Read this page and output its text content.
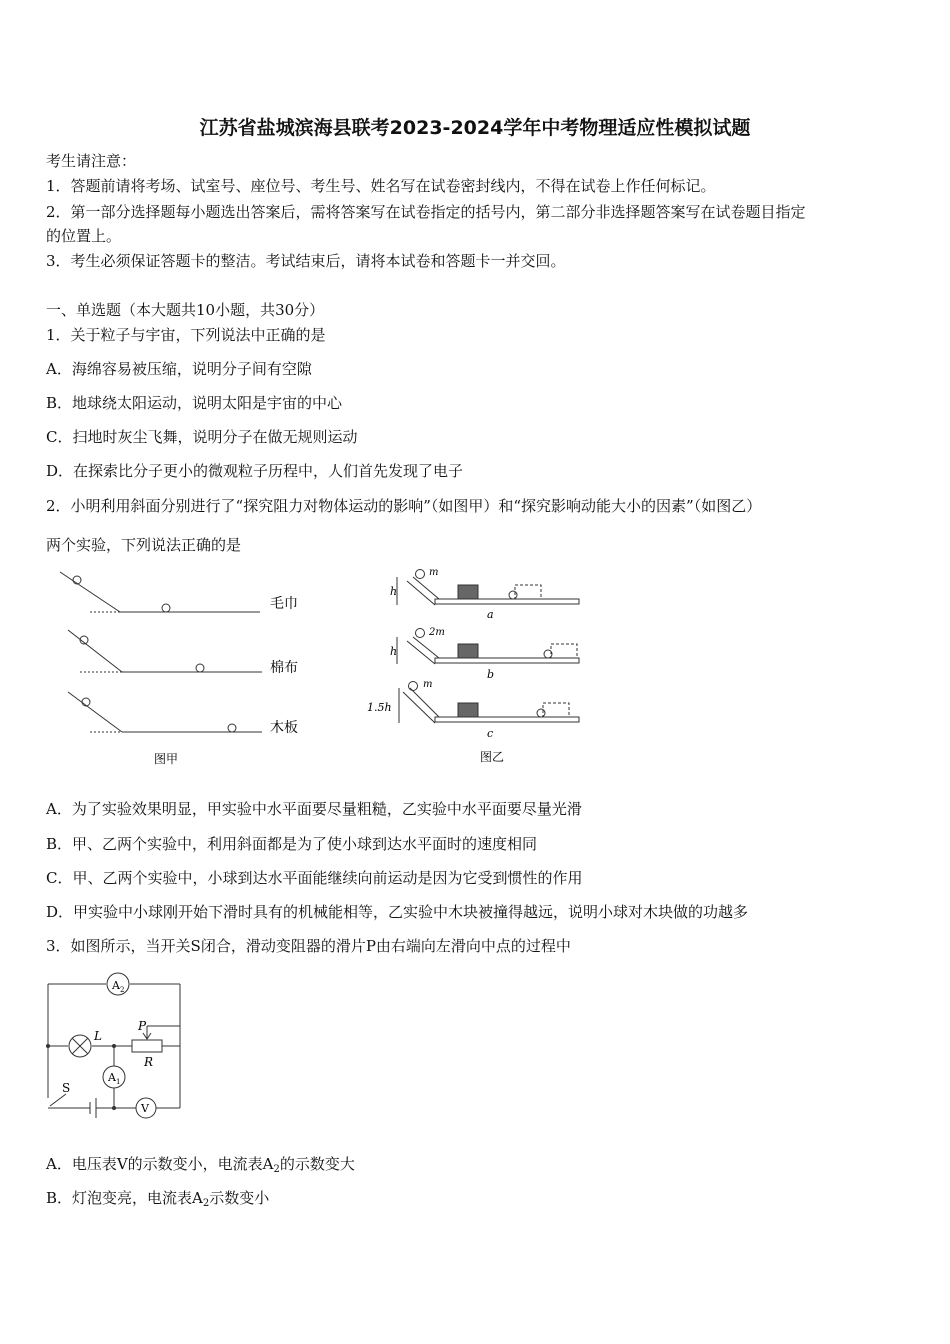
江苏省盐城滨海县联考2023-2024学年中考物理适应性模拟试题
考生请注意：
1．答题前请将考场、试室号、座位号、考生号、姓名写在试卷密封线内，不得在试卷上作任何标记。
2．第一部分选择题每小题选出答案后，需将答案写在试卷指定的括号内，第二部分非选择题答案写在试卷题目指定
的位置上。
3．考生必须保证答题卡的整洁。考试结束后，请将本试卷和答题卡一并交回。
一、单选题（本大题共10小题，共30分）
1．关于粒子与宇宙，下列说法中正确的是
A．海绵容易被压缩，说明分子间有空隙
B．地球绕太阳运动，说明太阳是宇宙的中心
C．扫地时灰尘飞舞，说明分子在做无规则运动
D．在探索比分子更小的微观粒子历程中，人们首先发现了电子
2．小明利用斜面分别进行了“探究阻力对物体运动的影响”（如图甲）和“探究影响动能大小的因素”（如图乙）
两个实验，下列说法正确的是
毛巾
棉布
木板
图甲
h
h
1.5h
m
2m
m
a
b
c
图乙
A．为了实验效果明显，甲实验中水平面要尽量粗糙，乙实验中水平面要尽量光滑
B．甲、乙两个实验中，利用斜面都是为了使小球到达水平面时的速度相同
C．甲、乙两个实验中，小球到达水平面能继续向前运动是因为它受到惯性的作用
D．甲实验中小球刚开始下滑时具有的机械能相等，乙实验中木块被撞得越远，说明小球对木块做的功越多
3．如图所示，当开关S闭合，滑动变阻器的滑片P由右端向左滑向中点的过程中
$A_2$
$A_1$
L
P
R
S
V
A．电压表V的示数变小，电流表$A_2$的示数变大
B．灯泡变亮，电流表$A_2$示数变小
